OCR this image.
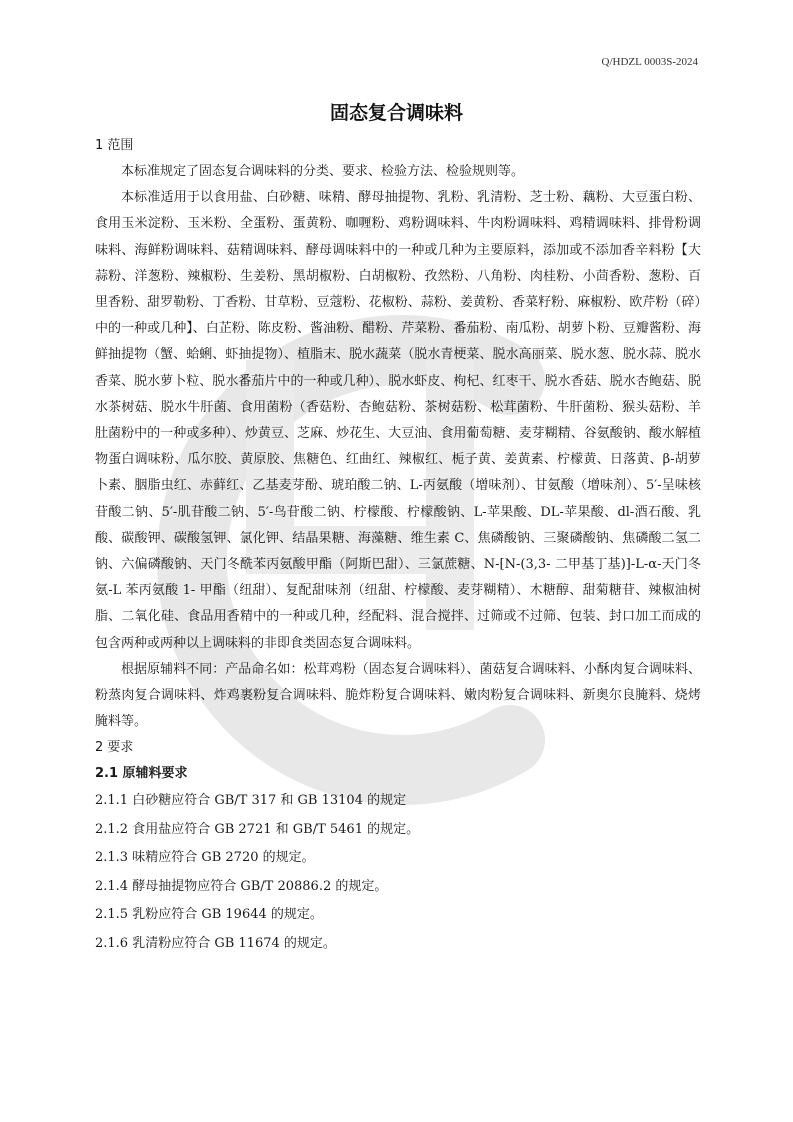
Q/HDZL 0003S-2024
固态复合调味料

1 范围

本标准规定了固态复合调味料的分类、要求、检验方法、检验规则等。

本标准适用于以食用盐、白砂糖、味精、酵母抽提物、乳粉、乳清粉、芝士粉、藕粉、大豆蛋白粉、食用玉米淀粉、玉米粉、全蛋粉、蛋黄粉、咖喱粉、鸡粉调味料、牛肉粉调味料、鸡精调味料、排骨粉调味料、海鲜粉调味料、菇精调味料、酵母调味料中的一种或几种为主要原料，添加或不添加香辛料粉【大蒜粉、洋葱粉、辣椒粉、生姜粉、黑胡椒粉、白胡椒粉、孜然粉、八角粉、肉桂粉、小茴香粉、葱粉、百里香粉、甜罗勒粉、丁香粉、甘草粉、豆蔻粉、花椒粉、蒜粉、姜黄粉、香菜籽粉、麻椒粉、欧芹粉（碎）中的一种或几种】、白芷粉、陈皮粉、酱油粉、醋粉、芹菜粉、番茄粉、南瓜粉、胡萝卜粉、豆瓣酱粉、海鲜抽提物（蟹、蛤蜊、虾抽提物）、植脂末、脱水蔬菜（脱水青梗菜、脱水高丽菜、脱水葱、脱水蒜、脱水香菜、脱水萝卜粒、脱水番茄片中的一种或几种）、脱水虾皮、枸杞、红枣干、脱水香菇、脱水杏鲍菇、脱水茶树菇、脱水牛肝菌、食用菌粉（香菇粉、杏鲍菇粉、茶树菇粉、松茸菌粉、牛肝菌粉、猴头菇粉、羊肚菌粉中的一种或多种）、炒黄豆、芝麻、炒花生、大豆油、食用葡萄糖、麦芽糊精、谷氨酸钠、酸水解植物蛋白调味粉、瓜尔胶、黄原胶、焦糖色、红曲红、辣椒红、栀子黄、姜黄素、柠檬黄、日落黄、β-胡萝卜素、胭脂虫红、赤藓红、乙基麦芽酚、琥珀酸二钠、L-丙氨酸（增味剂）、甘氨酸（增味剂）、5′-呈味核苷酸二钠、5′-肌苷酸二钠、5′-鸟苷酸二钠、柠檬酸、柠檬酸钠、L-苹果酸、DL-苹果酸、dl-酒石酸、乳酸、碳酸钾、碳酸氢钾、氯化钾、结晶果糖、海藻糖、维生素 C、焦磷酸钠、三聚磷酸钠、焦磷酸二氢二钠、六偏磷酸钠、天门冬酰苯丙氨酸甲酯（阿斯巴甜）、三氯蔗糖、N-[N-(3,3- 二甲基丁基)]-L-α-天门冬氨-L 苯丙氨酸 1- 甲酯（纽甜）、复配甜味剂（纽甜、柠檬酸、麦芽糊精）、木糖醇、甜菊糖苷、辣椒油树脂、二氧化硅、食品用香精中的一种或几种，经配料、混合搅拌、过筛或不过筛、包装、封口加工而成的包含两种或两种以上调味料的非即食类固态复合调味料。

根据原辅料不同：产品命名如：松茸鸡粉（固态复合调味料）、菌菇复合调味料、小酥肉复合调味料、粉蒸肉复合调味料、炸鸡裹粉复合调味料、脆炸粉复合调味料、嫩肉粉复合调味料、新奥尔良腌料、烧烤腌料等。

2 要求

2.1 原辅料要求

2.1.1 白砂糖应符合 GB/T 317 和 GB 13104 的规定

2.1.2 食用盐应符合 GB 2721 和 GB/T 5461 的规定。

2.1.3 味精应符合 GB 2720 的规定。

2.1.4 酵母抽提物应符合 GB/T 20886.2 的规定。

2.1.5 乳粉应符合 GB 19644 的规定。

2.1.6 乳清粉应符合 GB 11674 的规定。
